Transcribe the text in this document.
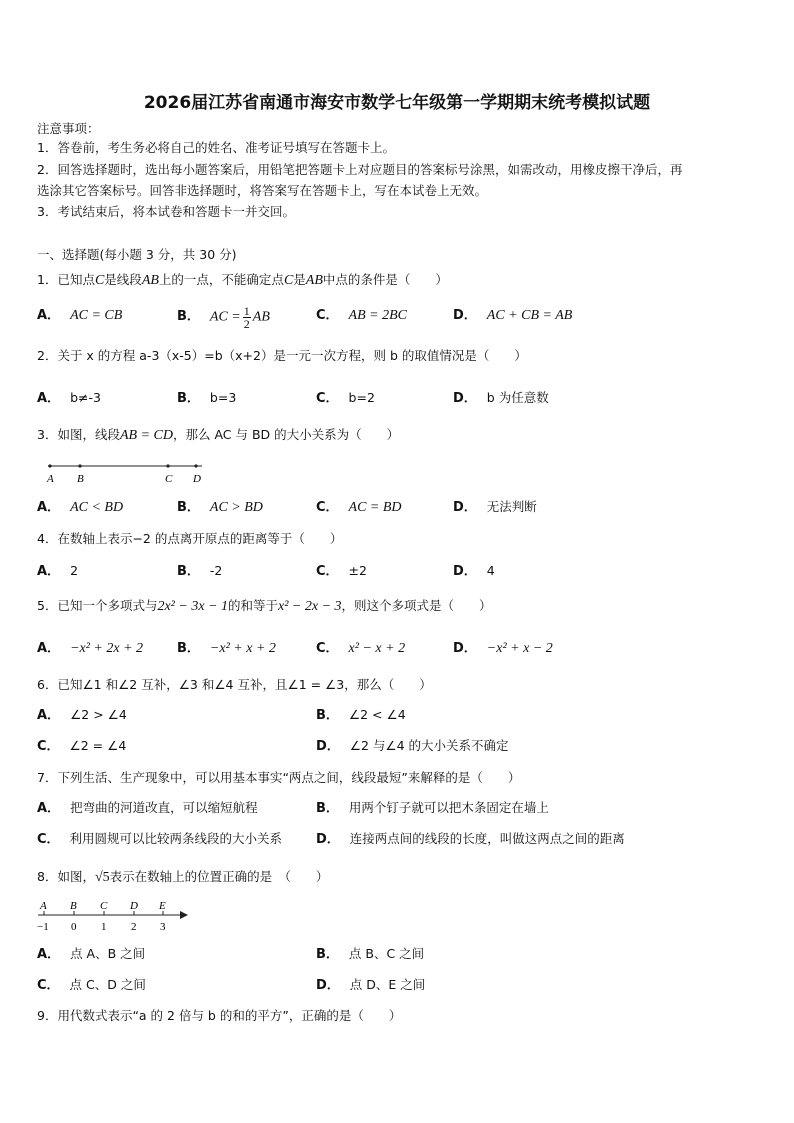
2026届江苏省南通市海安市数学七年级第一学期期末统考模拟试题
注意事项：
1．答卷前，考生务必将自己的姓名、准考证号填写在答题卡上。
2．回答选择题时，选出每小题答案后，用铅笔把答题卡上对应题目的答案标号涂黑，如需改动，用橡皮擦干净后，再
选涂其它答案标号。回答非选择题时，将答案写在答题卡上，写在本试卷上无效。
3．考试结束后，将本试卷和答题卡一并交回。
一、选择题(每小题 3 分，共 30 分)
1．已知点C是线段AB上的一点，不能确定点C是AB中点的条件是（　　）
A． AC = CB	B． AC = $\frac{1}{2}$ AB	C． AB = 2BC	D． AC + CB = AB
2．关于 x 的方程 a-3（x-5）=b（x+2）是一元一次方程，则 b 的取值情况是（　　）
A． b≠-3	B． b=3	C． b=2	D． b 为任意数
3．如图，线段AB = CD，那么 AC 与 BD 的大小关系为（　　）
A B	C D
A． AC < BD	B． AC > BD	C． AC = BD	D． 无法判断
4．在数轴上表示−2 的点离开原点的距离等于（　　）
A． 2	B． -2	C． ±2	D． 4
5．已知一个多项式与2x² − 3x − 1的和等于x² − 2x − 3，则这个多项式是（　　）
A． −x² + 2x + 2	B． −x² + x + 2	C． x² − x + 2	D． −x² + x − 2
6．已知∠1 和∠2 互补，∠3 和∠4 互补，且∠1 = ∠3，那么（　　）
A． ∠2 > ∠4	B． ∠2 < ∠4
C． ∠2 = ∠4	D． ∠2 与∠4 的大小关系不确定
7．下列生活、生产现象中，可以用基本事实“两点之间，线段最短”来解释的是（　　）
A． 把弯曲的河道改直，可以缩短航程	B． 用两个钉子就可以把木条固定在墙上
C． 利用圆规可以比较两条线段的大小关系	D． 连接两点间的线段的长度，叫做这两点之间的距离
8．如图，√5表示在数轴上的位置正确的是　（　　）
A B C D E
−1 0 1 2 3
A． 点 A、B 之间	B． 点 B、C 之间
C． 点 C、D 之间	D． 点 D、E 之间
9．用代数式表示“a 的 2 倍与 b 的和的平方”，正确的是（　　）
